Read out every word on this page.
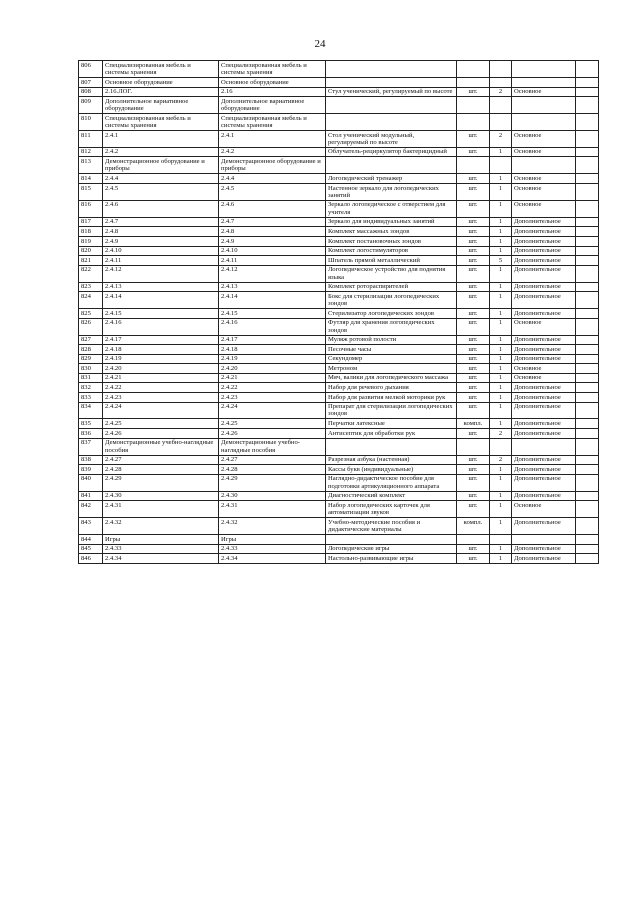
24
806	Специализированная мебель и системы хранения	Специализированная мебель и системы хранения					
807	Основное оборудование	Основное оборудование					
808	2.16.ЛОГ.	2.16	Стул ученический, регулируемый по высоте	шт.	2	Основное	
809	Дополнительное вариативное оборудование	Дополнительное вариативное оборудование					
810	Специализированная мебель и системы хранения	Специализированная мебель и системы хранения					
811	2.4.1	2.4.1	Стол ученический модульный, регулируемый по высоте	шт.	2	Основное	
812	2.4.2	2.4.2	Облучатель-рециркулятор бактерицидный	шт.	1	Основное	
813	Демонстрационное оборудование и приборы	Демонстрационное оборудование и приборы					
814	2.4.4	2.4.4	Логопедический тренажер	шт.	1	Основное	
815	2.4.5	2.4.5	Настенное зеркало для логопедических занятий	шт.	1	Основное	
816	2.4.6	2.4.6	Зеркало логопедическое с отверстием для учителя	шт.	1	Основное	
817	2.4.7	2.4.7	Зеркало для индивидуальных занятий	шт.	1	Дополнительное	
818	2.4.8	2.4.8	Комплект массажных зондов	шт.	1	Дополнительное	
819	2.4.9	2.4.9	Комплект постановочных зондов	шт.	1	Дополнительное	
820	2.4.10	2.4.10	Комплект логостимуляторов	шт.	1	Дополнительное	
821	2.4.11	2.4.11	Шпатель прямой металлический	шт.	5	Дополнительное	
822	2.4.12	2.4.12	Логопедическое устройство для поднятия языка	шт.	1	Дополнительное	
823	2.4.13	2.4.13	Комплект ротораспирителей	шт.	1	Дополнительное	
824	2.4.14	2.4.14	Бокс для стерилизации логопедических зондов	шт.	1	Дополнительное	
825	2.4.15	2.4.15	Стерилизатор логопедических зондов	шт.	1	Дополнительное	
826	2.4.16	2.4.16	Футляр для хранения логопедических зондов	шт.	1	Основное	
827	2.4.17	2.4.17	Муляж ротовой полости	шт.	1	Дополнительное	
828	2.4.18	2.4.18	Песочные часы	шт.	1	Дополнительное	
829	2.4.19	2.4.19	Секундомер	шт.	1	Дополнительное	
830	2.4.20	2.4.20	Метроном	шт.	1	Основное	
831	2.4.21	2.4.21	Мяч, валики для логопедического массажа	шт.	1	Основное	
832	2.4.22	2.4.22	Набор для речевого дыхания	шт.	1	Дополнительное	
833	2.4.23	2.4.23	Набор для развития мелкой моторики рук	шт.	1	Дополнительное	
834	2.4.24	2.4.24	Препарат для стерилизации логопедических зондов	шт.	1	Дополнительное	
835	2.4.25	2.4.25	Перчатки латексные	компл.	1	Дополнительное	
836	2.4.26	2.4.26	Антисептик для обработки рук	шт.	2	Дополнительное	
837	Демонстрационные учебно-наглядные пособия	Демонстрационные учебно-наглядные пособия					
838	2.4.27	2.4.27	Разрезная азбука (настенная)	шт.	2	Дополнительное	
839	2.4.28	2.4.28	Кассы букв (индивидуальные)	шт.	1	Дополнительное	
840	2.4.29	2.4.29	Наглядно-дидактическое пособие для подготовки артикуляционного аппарата	шт.	1	Дополнительное	
841	2.4.30	2.4.30	Диагностический комплект	шт.	1	Дополнительное	
842	2.4.31	2.4.31	Набор логопедических карточек для автоматизации звуков	шт.	1	Основное	
843	2.4.32	2.4.32	Учебно-методические пособия и дидактические материалы	компл.	1	Дополнительное	
844	Игры	Игры					
845	2.4.33	2.4.33	Логопедические игры	шт.	1	Дополнительное	
846	2.4.34	2.4.34	Настольно-развивающие игры	шт.	1	Дополнительное	
